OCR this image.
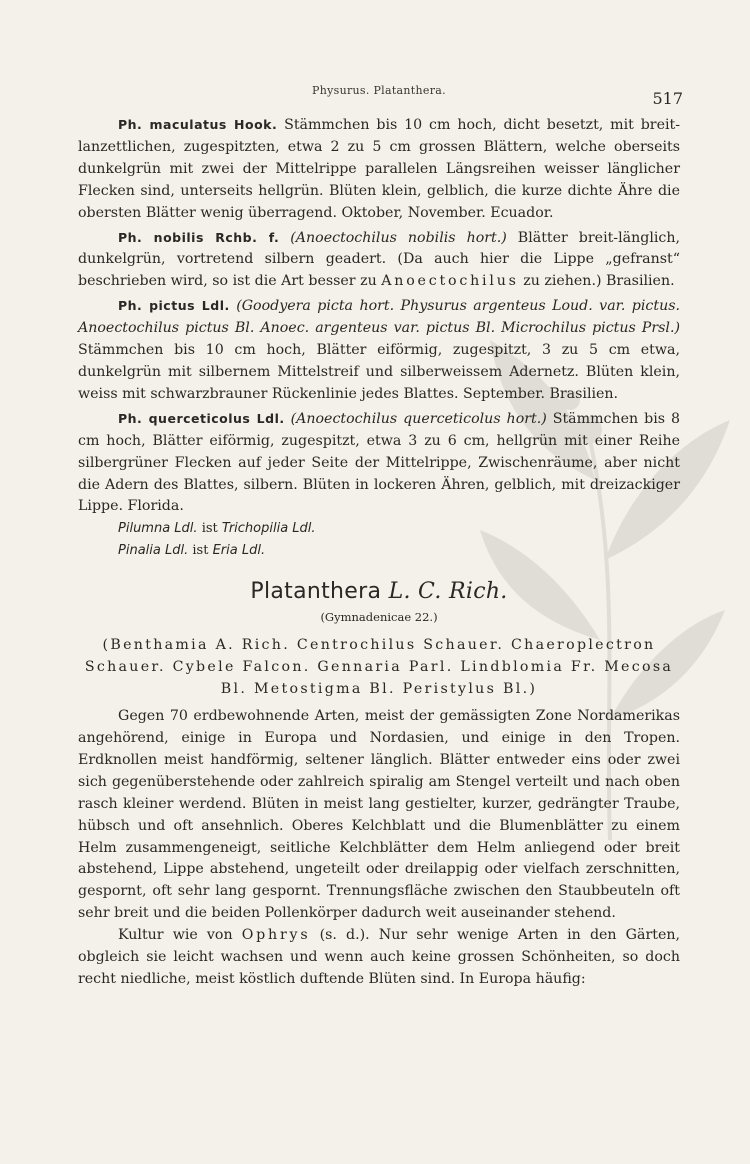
Physurus. Platanthera.	517

Ph. maculatus Hook. Stämmchen bis 10 cm hoch, dicht besetzt, mit breit-lanzettlichen, zugespitzten, etwa 2 zu 5 cm grossen Blättern, welche oberseits dunkelgrün mit zwei der Mittelrippe parallelen Längsreihen weisser länglicher Flecken sind, unterseits hellgrün. Blüten klein, gelblich, die kurze dichte Ähre die obersten Blätter wenig überragend. Oktober, November. Ecuador.

Ph. nobilis Rchb. f. (Anoectochilus nobilis hort.) Blätter breit-länglich, dunkelgrün, vortretend silbern geadert. (Da auch hier die Lippe „gefranst“ beschrieben wird, so ist die Art besser zu Anoectochilus zu ziehen.) Brasilien.

Ph. pictus Ldl. (Goodyera picta hort. Physurus argenteus Loud. var. pictus. Anoectochilus pictus Bl. Anoec. argenteus var. pictus Bl. Microchilus pictus Prsl.) Stämmchen bis 10 cm hoch, Blätter eiförmig, zugespitzt, 3 zu 5 cm etwa, dunkelgrün mit silbernem Mittelstreif und silberweissem Adernetz. Blüten klein, weiss mit schwarzbrauner Rückenlinie jedes Blattes. September. Brasilien.

Ph. querceticolus Ldl. (Anoectochilus querceticolus hort.) Stämmchen bis 8 cm hoch, Blätter eiförmig, zugespitzt, etwa 3 zu 6 cm, hellgrün mit einer Reihe silbergrüner Flecken auf jeder Seite der Mittelrippe, Zwischenräume, aber nicht die Adern des Blattes, silbern. Blüten in lockeren Ähren, gelblich, mit dreizackiger Lippe. Florida.

Pilumna Ldl. ist Trichopilia Ldl.
Pinalia Ldl. ist Eria Ldl.
Platanthera L. C. Rich.
(Gymnadenicae 22.)

(Benthamia A. Rich. Centrochilus Schauer. Chaeroplectron Schauer. Cybele Falcon. Gennaria Parl. Lindblomia Fr. Mecosa Bl. Metostigma Bl. Peristylus Bl.)

Gegen 70 erdbewohnende Arten, meist der gemässigten Zone Nordamerikas angehörend, einige in Europa und Nordasien, und einige in den Tropen. Erdknollen meist handförmig, seltener länglich. Blätter entweder eins oder zwei sich gegenüberstehende oder zahlreich spiralig am Stengel verteilt und nach oben rasch kleiner werdend. Blüten in meist lang gestielter, kurzer, gedrängter Traube, hübsch und oft ansehnlich. Oberes Kelchblatt und die Blumenblätter zu einem Helm zusammengeneigt, seitliche Kelchblätter dem Helm anliegend oder breit abstehend, Lippe abstehend, ungeteilt oder dreilappig oder vielfach zerschnitten, gespornt, oft sehr lang gespornt. Trennungsfläche zwischen den Staubbeuteln oft sehr breit und die beiden Pollenkörper dadurch weit auseinander stehend.

Kultur wie von Ophrys (s. d.). Nur sehr wenige Arten in den Gärten, obgleich sie leicht wachsen und wenn auch keine grossen Schönheiten, so doch recht niedliche, meist köstlich duftende Blüten sind. In Europa häufig:
